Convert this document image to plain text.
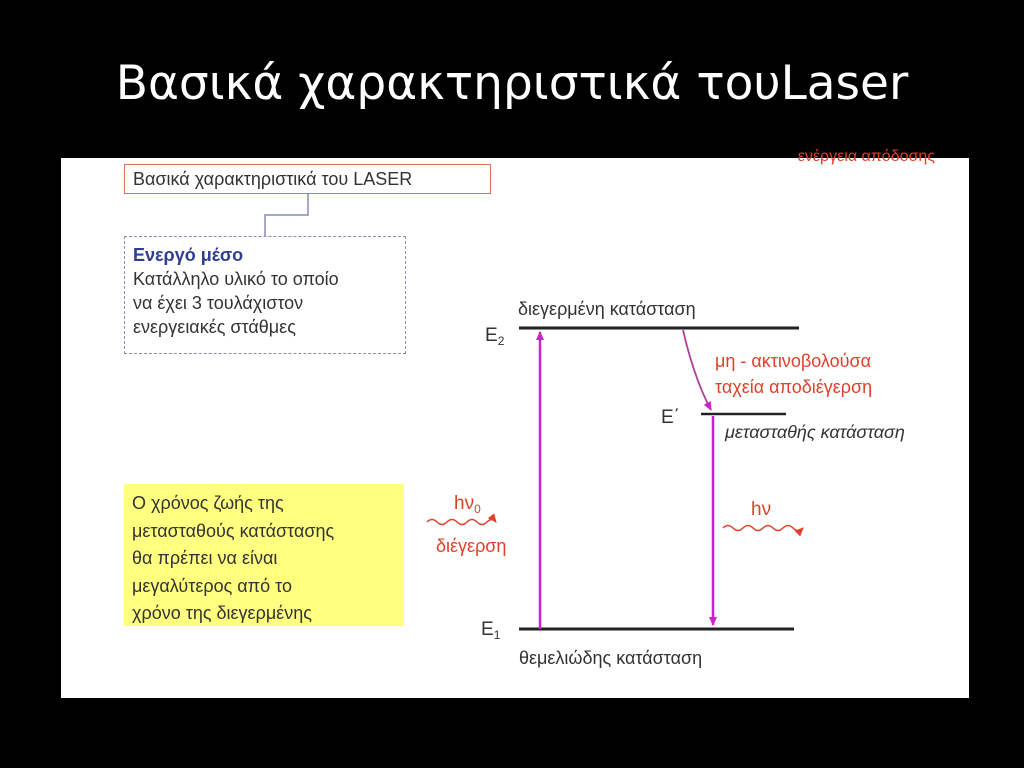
Βασικά χαρακτηριστικά τουLaser
ενέργεια απόδοσης
Βασικά χαρακτηριστικά του LASER
Ενεργό μέσο
Κατάλληλο υλικό το οποίο
να έχει 3 τουλάχιστον
ενεργειακές στάθμες
Ο χρόνος ζωής της
μετασταθούς κατάστασης
θα πρέπει να είναι
μεγαλύτερος από το
χρόνο της διεγερμένης
διεγερμένη κατάσταση
$E_2$
E΄
μετασταθής κατάσταση
$E_1$
θεμελιώδης κατάσταση
μη - ακτινοβολούσα
ταχεία αποδιέγερση
$h\nu_0$
διέγερση
hν
